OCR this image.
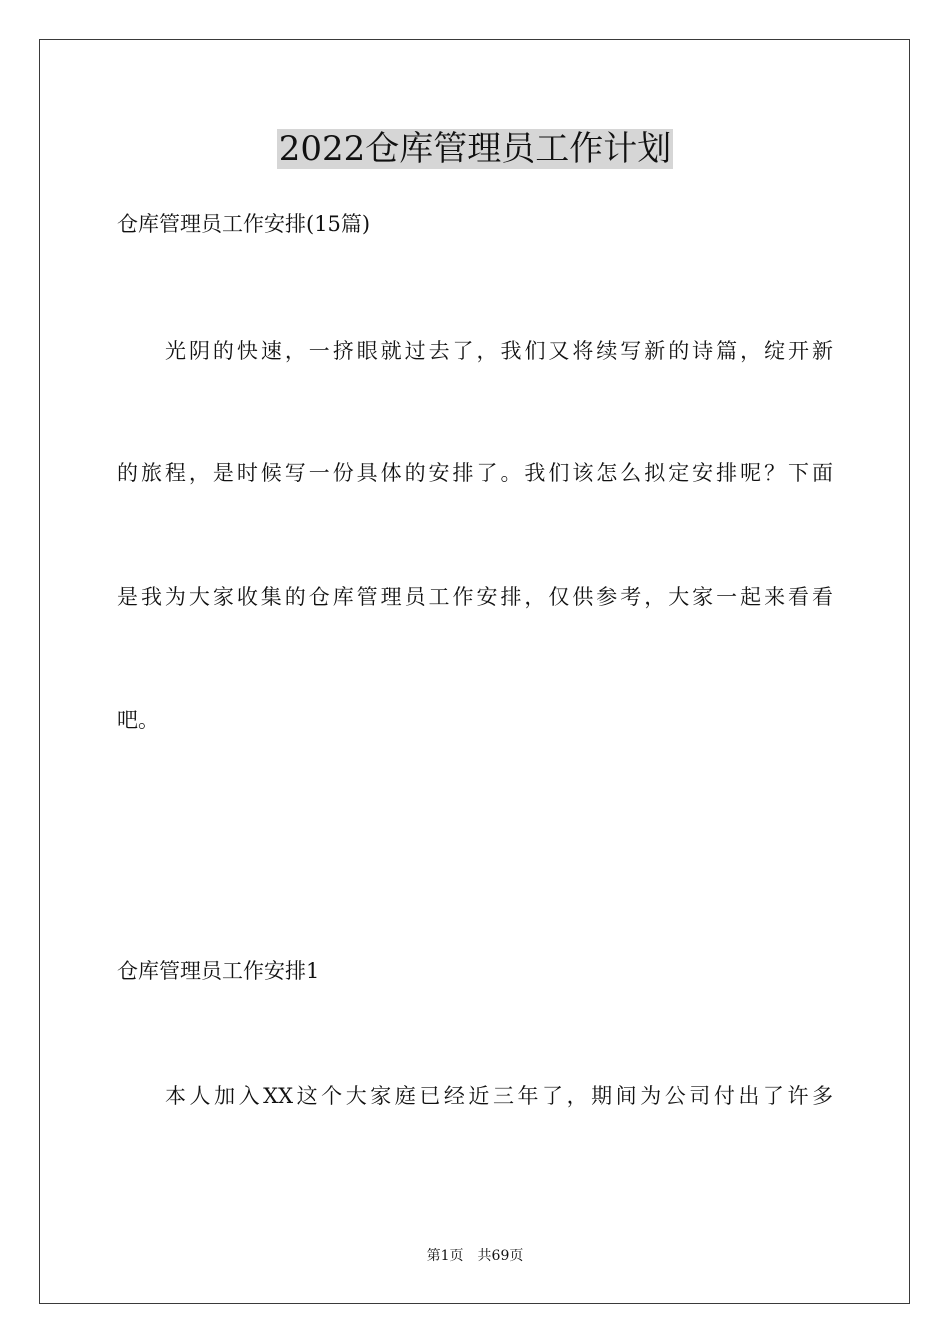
2022仓库管理员工作计划
仓库管理员工作安排(15篇)
光阴的快速，一挤眼就过去了，我们又将续写新的诗篇，绽开新
的旅程，是时候写一份具体的安排了。我们该怎么拟定安排呢？下面
是我为大家收集的仓库管理员工作安排，仅供参考，大家一起来看看
吧。
仓库管理员工作安排1
本人加入XX这个大家庭已经近三年了，期间为公司付出了许多
第1页　共69页
